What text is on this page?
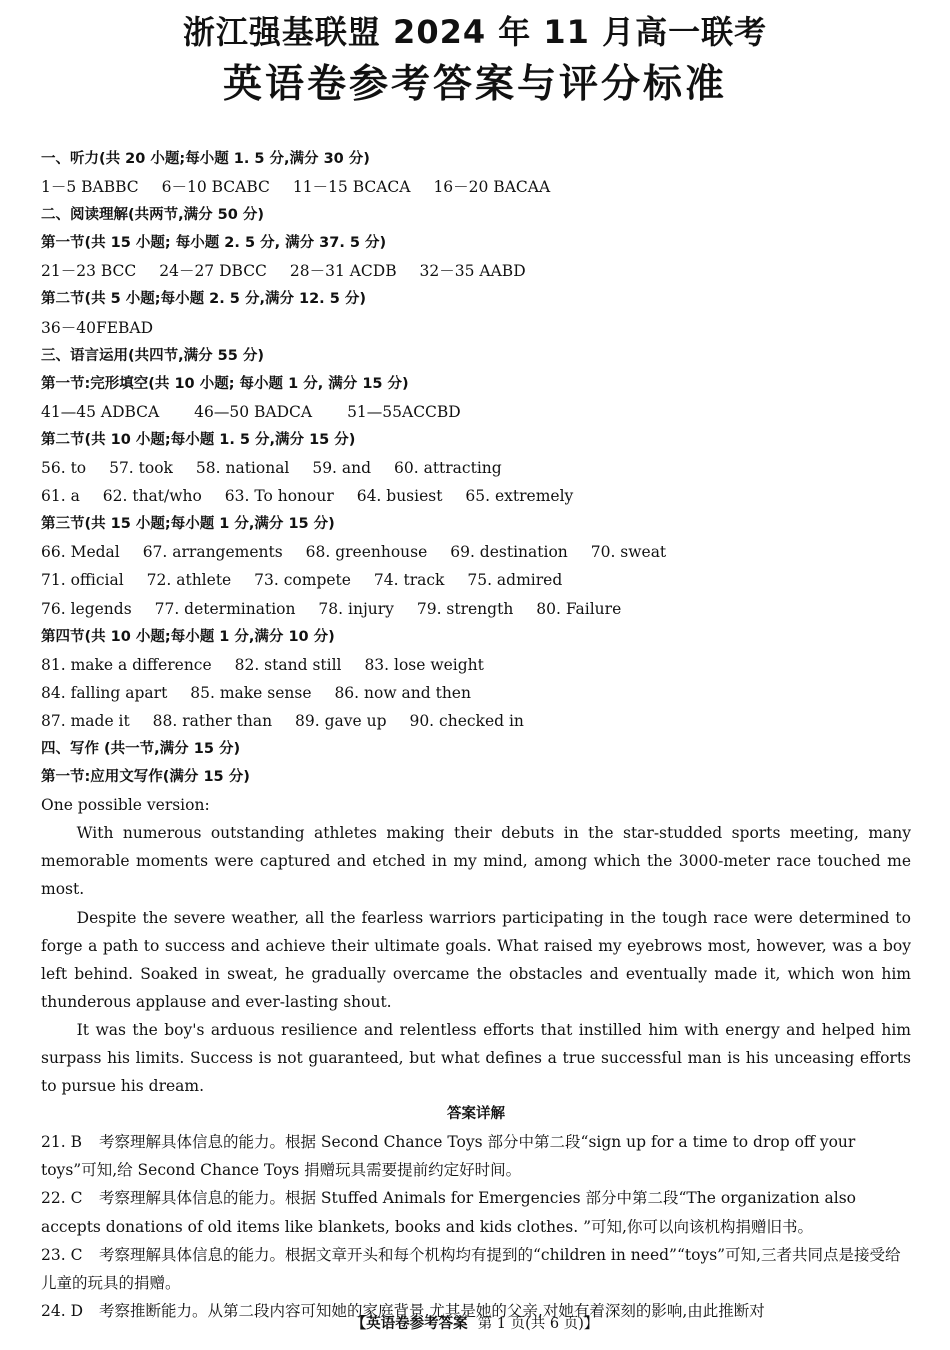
浙江强基联盟 2024 年 11 月高一联考
英语卷参考答案与评分标准
一、听力(共 20 小题;每小题 1. 5 分,满分 30 分)
1－5 BABBC 6－10 BCABC 11－15 BCACA 16－20 BACAA
二、阅读理解(共两节,满分 50 分)
第一节(共 15 小题; 每小题 2. 5 分, 满分 37. 5 分)
21－23 BCC 24－27 DBCC 28－31 ACDB 32－35 AABD
第二节(共 5 小题;每小题 2. 5 分,满分 12. 5 分)
36－40FEBAD
三、语言运用(共四节,满分 55 分)
第一节:完形填空(共 10 小题; 每小题 1 分, 满分 15 分)
41—45 ADBCA 46—50 BADCA 51—55ACCBD
第二节(共 10 小题;每小题 1. 5 分,满分 15 分)
56. to 57. took 58. national 59. and 60. attracting
61. a 62. that/who 63. To honour 64. busiest 65. extremely
第三节(共 15 小题;每小题 1 分,满分 15 分)
66. Medal 67. arrangements 68. greenhouse 69. destination 70. sweat
71. official 72. athlete 73. compete 74. track 75. admired
76. legends 77. determination 78. injury 79. strength 80. Failure
第四节(共 10 小题;每小题 1 分,满分 10 分)
81. make a difference 82. stand still 83. lose weight
84. falling apart 85. make sense 86. now and then
87. made it 88. rather than 89. gave up 90. checked in
四、写作 (共一节,满分 15 分)
第一节:应用文写作(满分 15 分)
One possible version:

With numerous outstanding athletes making their debuts in the star-studded sports meeting, many memorable moments were captured and etched in my mind, among which the 3000-meter race touched me most.

Despite the severe weather, all the fearless warriors participating in the tough race were determined to forge a path to success and achieve their ultimate goals. What raised my eyebrows most, however, was a boy left behind. Soaked in sweat, he gradually overcame the obstacles and eventually made it, which won him thunderous applause and ever-lasting shout.

It was the boy's arduous resilience and relentless efforts that instilled him with energy and helped him surpass his limits. Success is not guaranteed, but what defines a true successful man is his unceasing efforts to pursue his dream.

答案详解

21. B 考察理解具体信息的能力。根据 Second Chance Toys 部分中第二段“sign up for a time to drop off your toys”可知,给 Second Chance Toys 捐赠玩具需要提前约定好时间。

22. C 考察理解具体信息的能力。根据 Stuffed Animals for Emergencies 部分中第二段“The organization also accepts donations of old items like blankets, books and kids clothes. ”可知,你可以向该机构捐赠旧书。

23. C 考察理解具体信息的能力。根据文章开头和每个机构均有提到的“children in need”“toys”可知,三者共同点是接受给儿童的玩具的捐赠。

24. D 考察推断能力。从第二段内容可知她的家庭背景,尤其是她的父亲,对她有着深刻的影响,由此推断对

【英语卷参考答案 第 1 页(共 6 页)】
